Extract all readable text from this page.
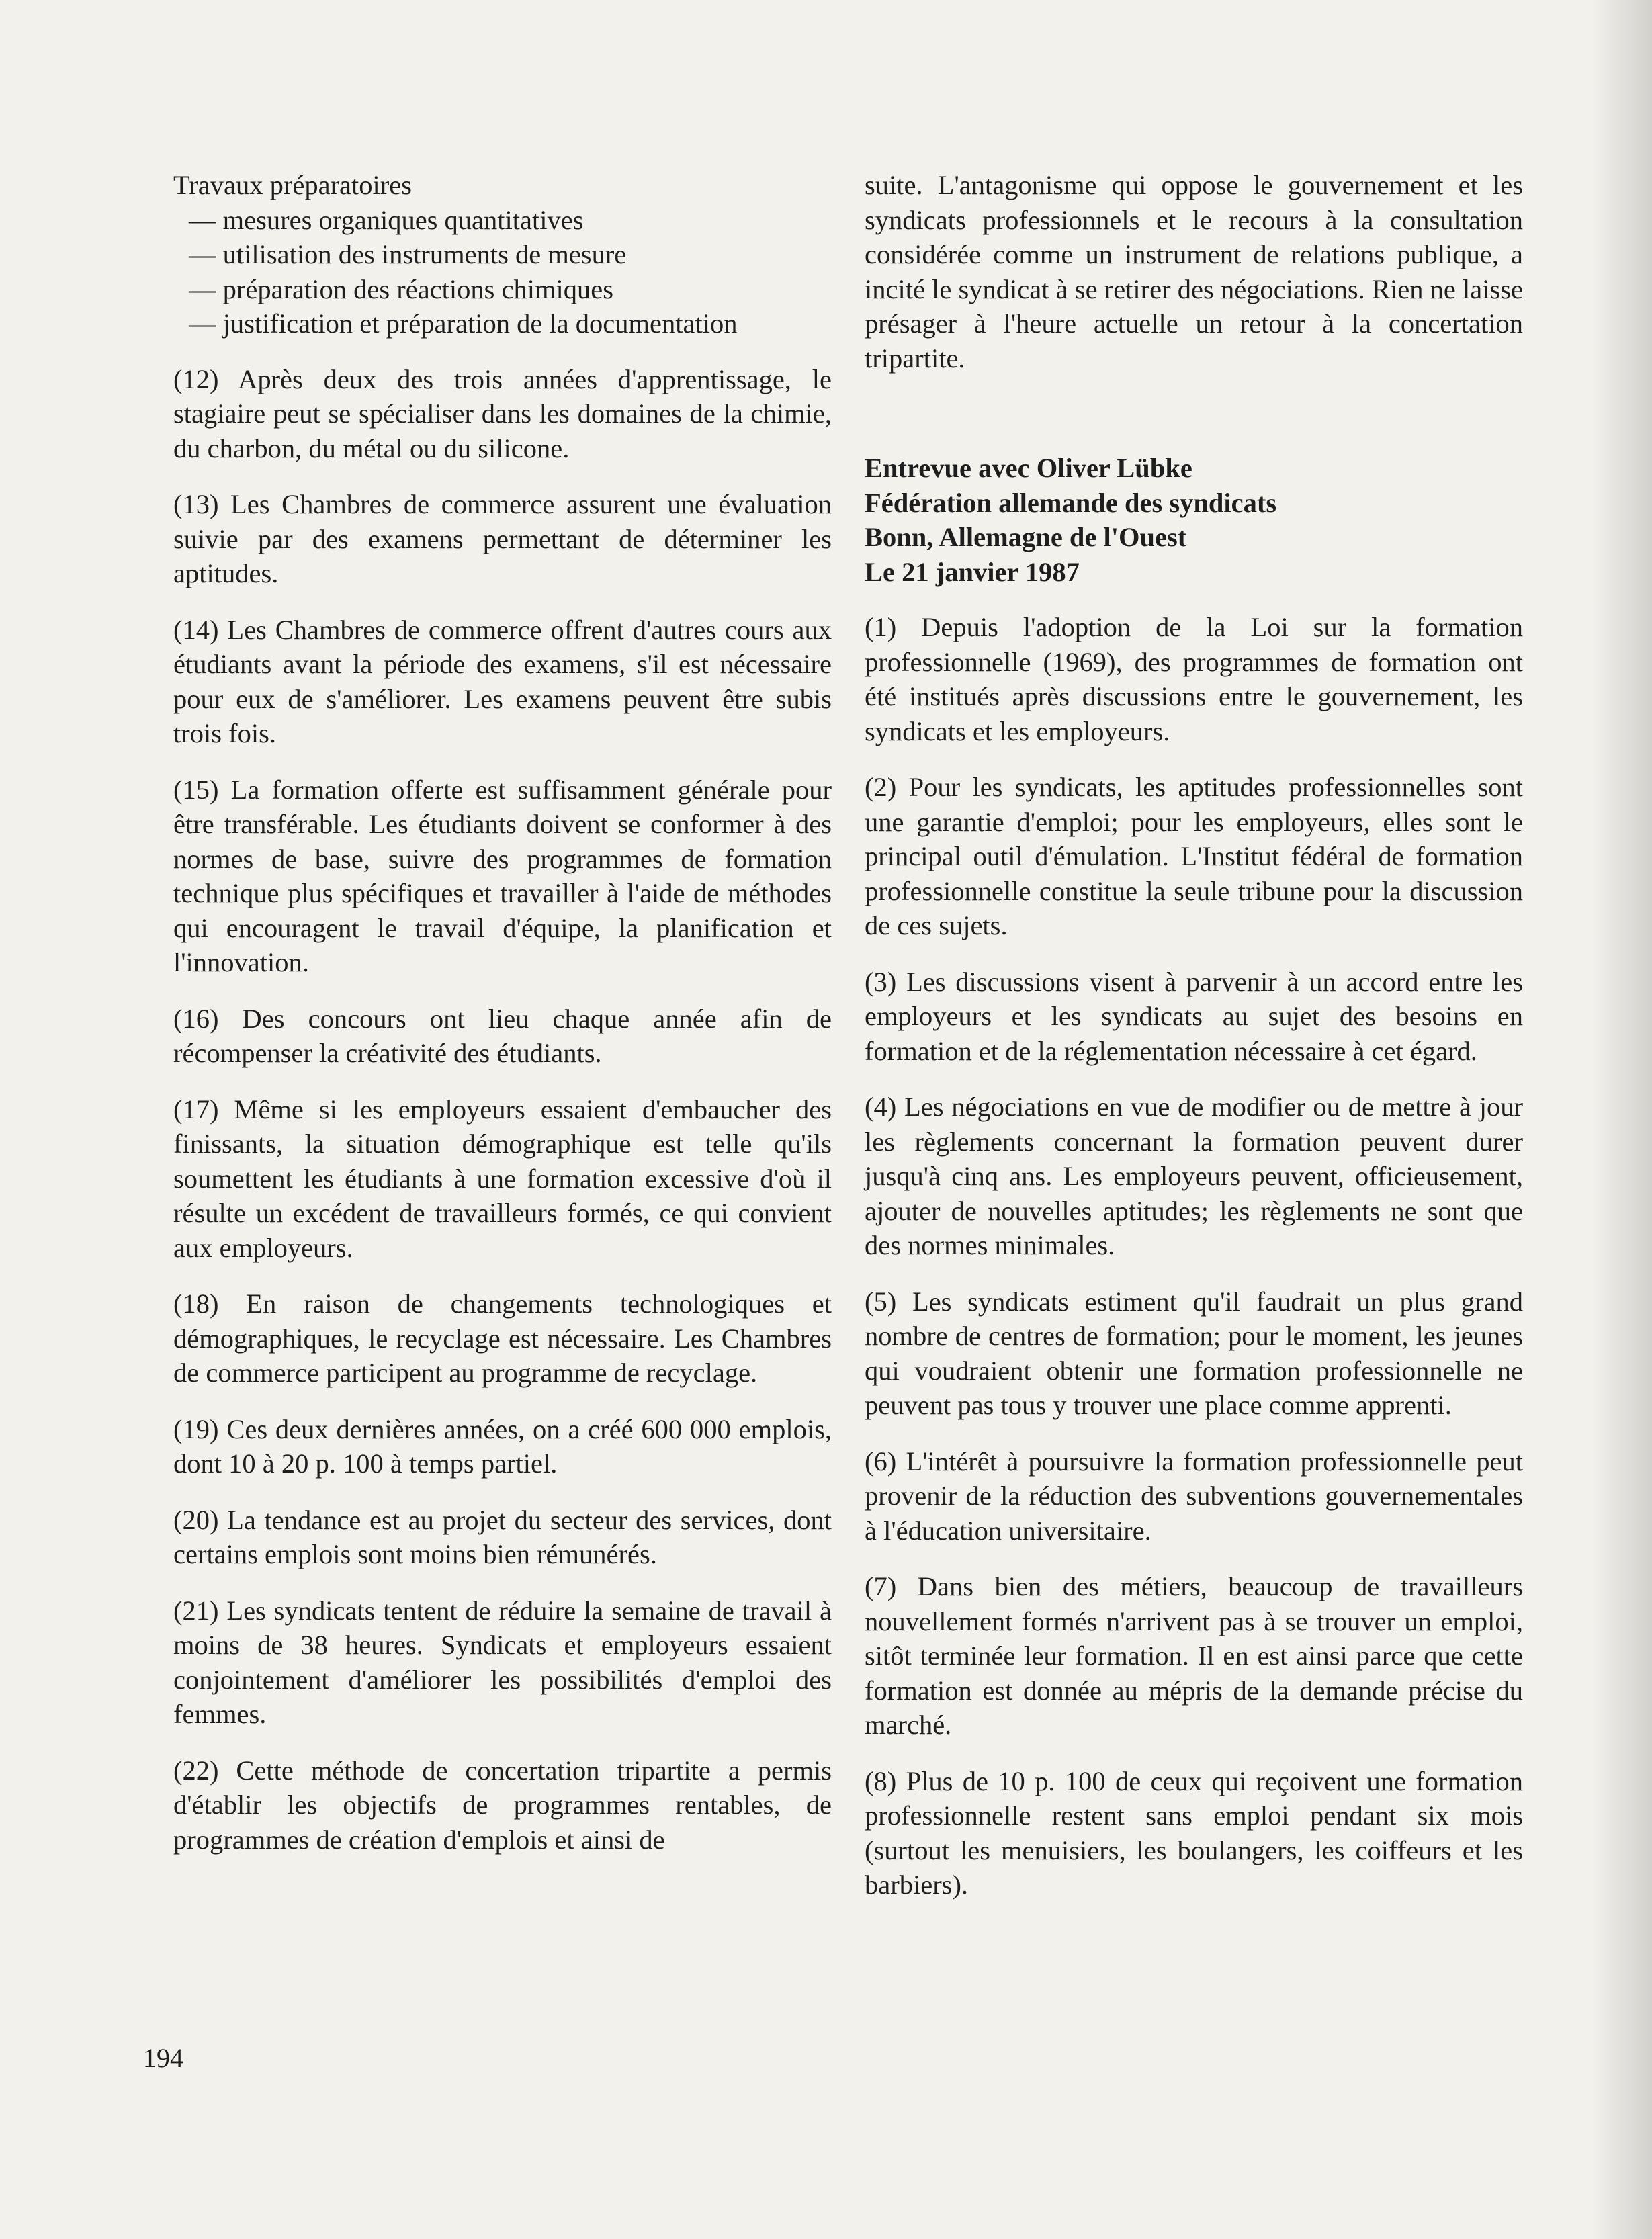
Travaux préparatoires
— mesures organiques quantitatives
— utilisation des instruments de mesure
— préparation des réactions chimiques
— justification et préparation de la documentation

(12) Après deux des trois années d'apprentissage, le stagiaire peut se spécialiser dans les domaines de la chimie, du charbon, du métal ou du silicone.

(13) Les Chambres de commerce assurent une évaluation suivie par des examens permettant de déterminer les aptitudes.

(14) Les Chambres de commerce offrent d'autres cours aux étudiants avant la période des examens, s'il est nécessaire pour eux de s'améliorer. Les examens peuvent être subis trois fois.

(15) La formation offerte est suffisamment générale pour être transférable. Les étudiants doivent se conformer à des normes de base, suivre des programmes de formation technique plus spécifiques et travailler à l'aide de méthodes qui encouragent le travail d'équipe, la planification et l'innovation.

(16) Des concours ont lieu chaque année afin de récompenser la créativité des étudiants.

(17) Même si les employeurs essaient d'embaucher des finissants, la situation démographique est telle qu'ils soumettent les étudiants à une formation excessive d'où il résulte un excédent de travailleurs formés, ce qui convient aux employeurs.

(18) En raison de changements technologiques et démographiques, le recyclage est nécessaire. Les Chambres de commerce participent au programme de recyclage.

(19) Ces deux dernières années, on a créé 600 000 emplois, dont 10 à 20 p. 100 à temps partiel.

(20) La tendance est au projet du secteur des services, dont certains emplois sont moins bien rémunérés.

(21) Les syndicats tentent de réduire la semaine de travail à moins de 38 heures. Syndicats et employeurs essaient conjointement d'améliorer les possibilités d'emploi des femmes.

(22) Cette méthode de concertation tripartite a permis d'établir les objectifs de programmes rentables, de programmes de création d'emplois et ainsi de

suite. L'antagonisme qui oppose le gouvernement et les syndicats professionnels et le recours à la consultation considérée comme un instrument de relations publique, a incité le syndicat à se retirer des négociations. Rien ne laisse présager à l'heure actuelle un retour à la concertation tripartite.

Entrevue avec Oliver Lübke
Fédération allemande des syndicats
Bonn, Allemagne de l'Ouest
Le 21 janvier 1987

(1) Depuis l'adoption de la Loi sur la formation professionnelle (1969), des programmes de formation ont été institués après discussions entre le gouvernement, les syndicats et les employeurs.

(2) Pour les syndicats, les aptitudes professionnelles sont une garantie d'emploi; pour les employeurs, elles sont le principal outil d'émulation. L'Institut fédéral de formation professionnelle constitue la seule tribune pour la discussion de ces sujets.

(3) Les discussions visent à parvenir à un accord entre les employeurs et les syndicats au sujet des besoins en formation et de la réglementation nécessaire à cet égard.

(4) Les négociations en vue de modifier ou de mettre à jour les règlements concernant la formation peuvent durer jusqu'à cinq ans. Les employeurs peuvent, officieusement, ajouter de nouvelles aptitudes; les règlements ne sont que des normes minimales.

(5) Les syndicats estiment qu'il faudrait un plus grand nombre de centres de formation; pour le moment, les jeunes qui voudraient obtenir une formation professionnelle ne peuvent pas tous y trouver une place comme apprenti.

(6) L'intérêt à poursuivre la formation professionnelle peut provenir de la réduction des subventions gouvernementales à l'éducation universitaire.

(7) Dans bien des métiers, beaucoup de travailleurs nouvellement formés n'arrivent pas à se trouver un emploi, sitôt terminée leur formation. Il en est ainsi parce que cette formation est donnée au mépris de la demande précise du marché.

(8) Plus de 10 p. 100 de ceux qui reçoivent une formation professionnelle restent sans emploi pendant six mois (surtout les menuisiers, les boulangers, les coiffeurs et les barbiers).

194
